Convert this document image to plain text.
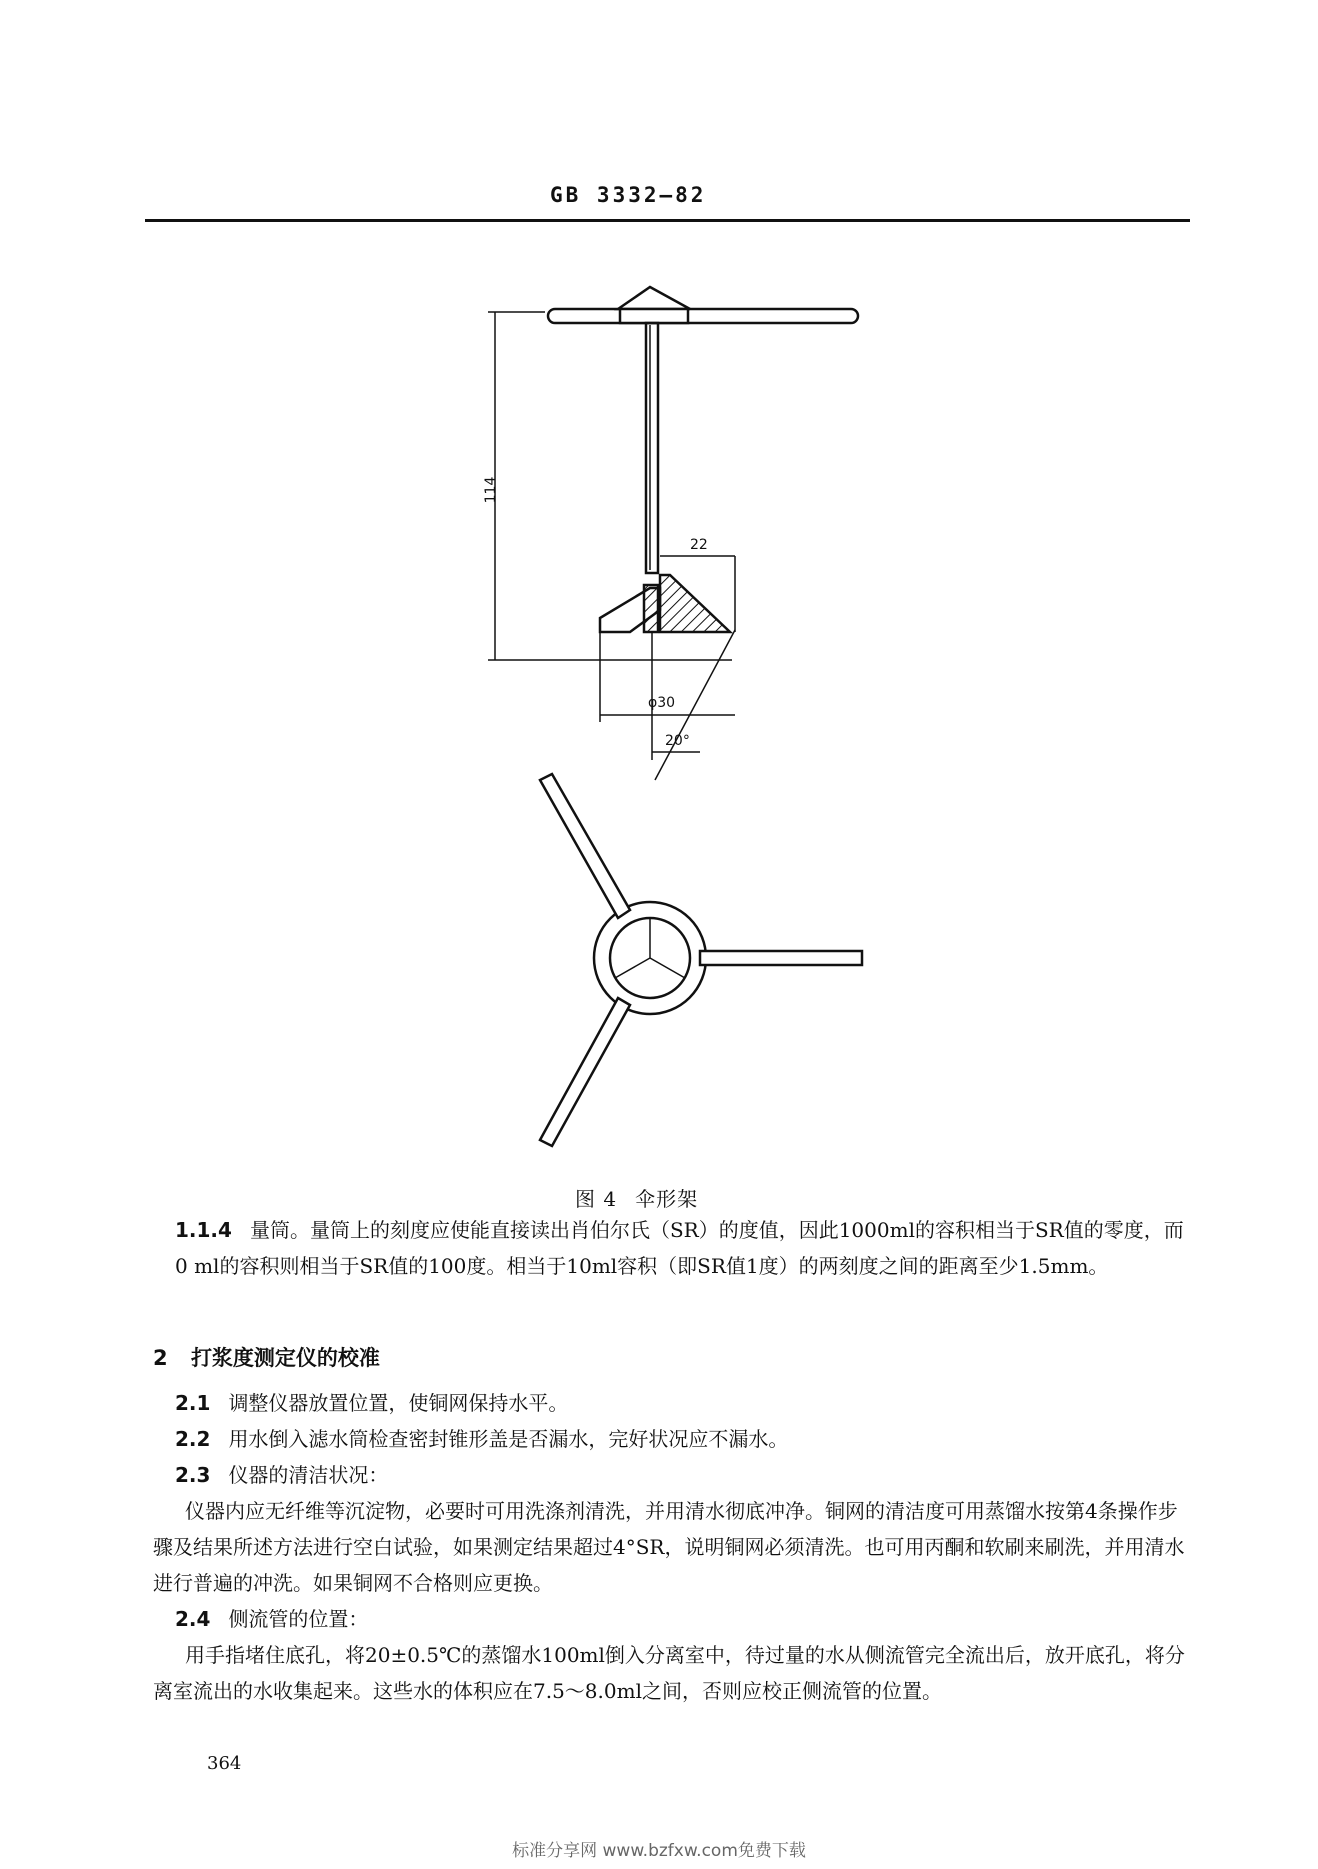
GB 3332—82
114
22
φ30
20°
图 4 伞形架
1.1.4 量筒。量筒上的刻度应使能直接读出肖伯尔氏（SR）的度值，因此1000ml的容积相当于SR值的零度，而0 ml的容积则相当于SR值的100度。相当于10ml容积（即SR值1度）的两刻度之间的距离至少1.5mm。
2 打浆度测定仪的校准
2.1 调整仪器放置位置，使铜网保持水平。
2.2 用水倒入滤水筒检查密封锥形盖是否漏水，完好状况应不漏水。
2.3 仪器的清洁状况：
仪器内应无纤维等沉淀物，必要时可用洗涤剂清洗，并用清水彻底冲净。铜网的清洁度可用蒸馏水按第4条操作步骤及结果所述方法进行空白试验，如果测定结果超过4°SR，说明铜网必须清洗。也可用丙酮和软刷来刷洗，并用清水进行普遍的冲洗。如果铜网不合格则应更换。
2.4 侧流管的位置：
用手指堵住底孔，将20±0.5℃的蒸馏水100ml倒入分离室中，待过量的水从侧流管完全流出后，放开底孔，将分离室流出的水收集起来。这些水的体积应在7.5～8.0ml之间，否则应校正侧流管的位置。
364
标准分享网 www.bzfxw.com免费下载
